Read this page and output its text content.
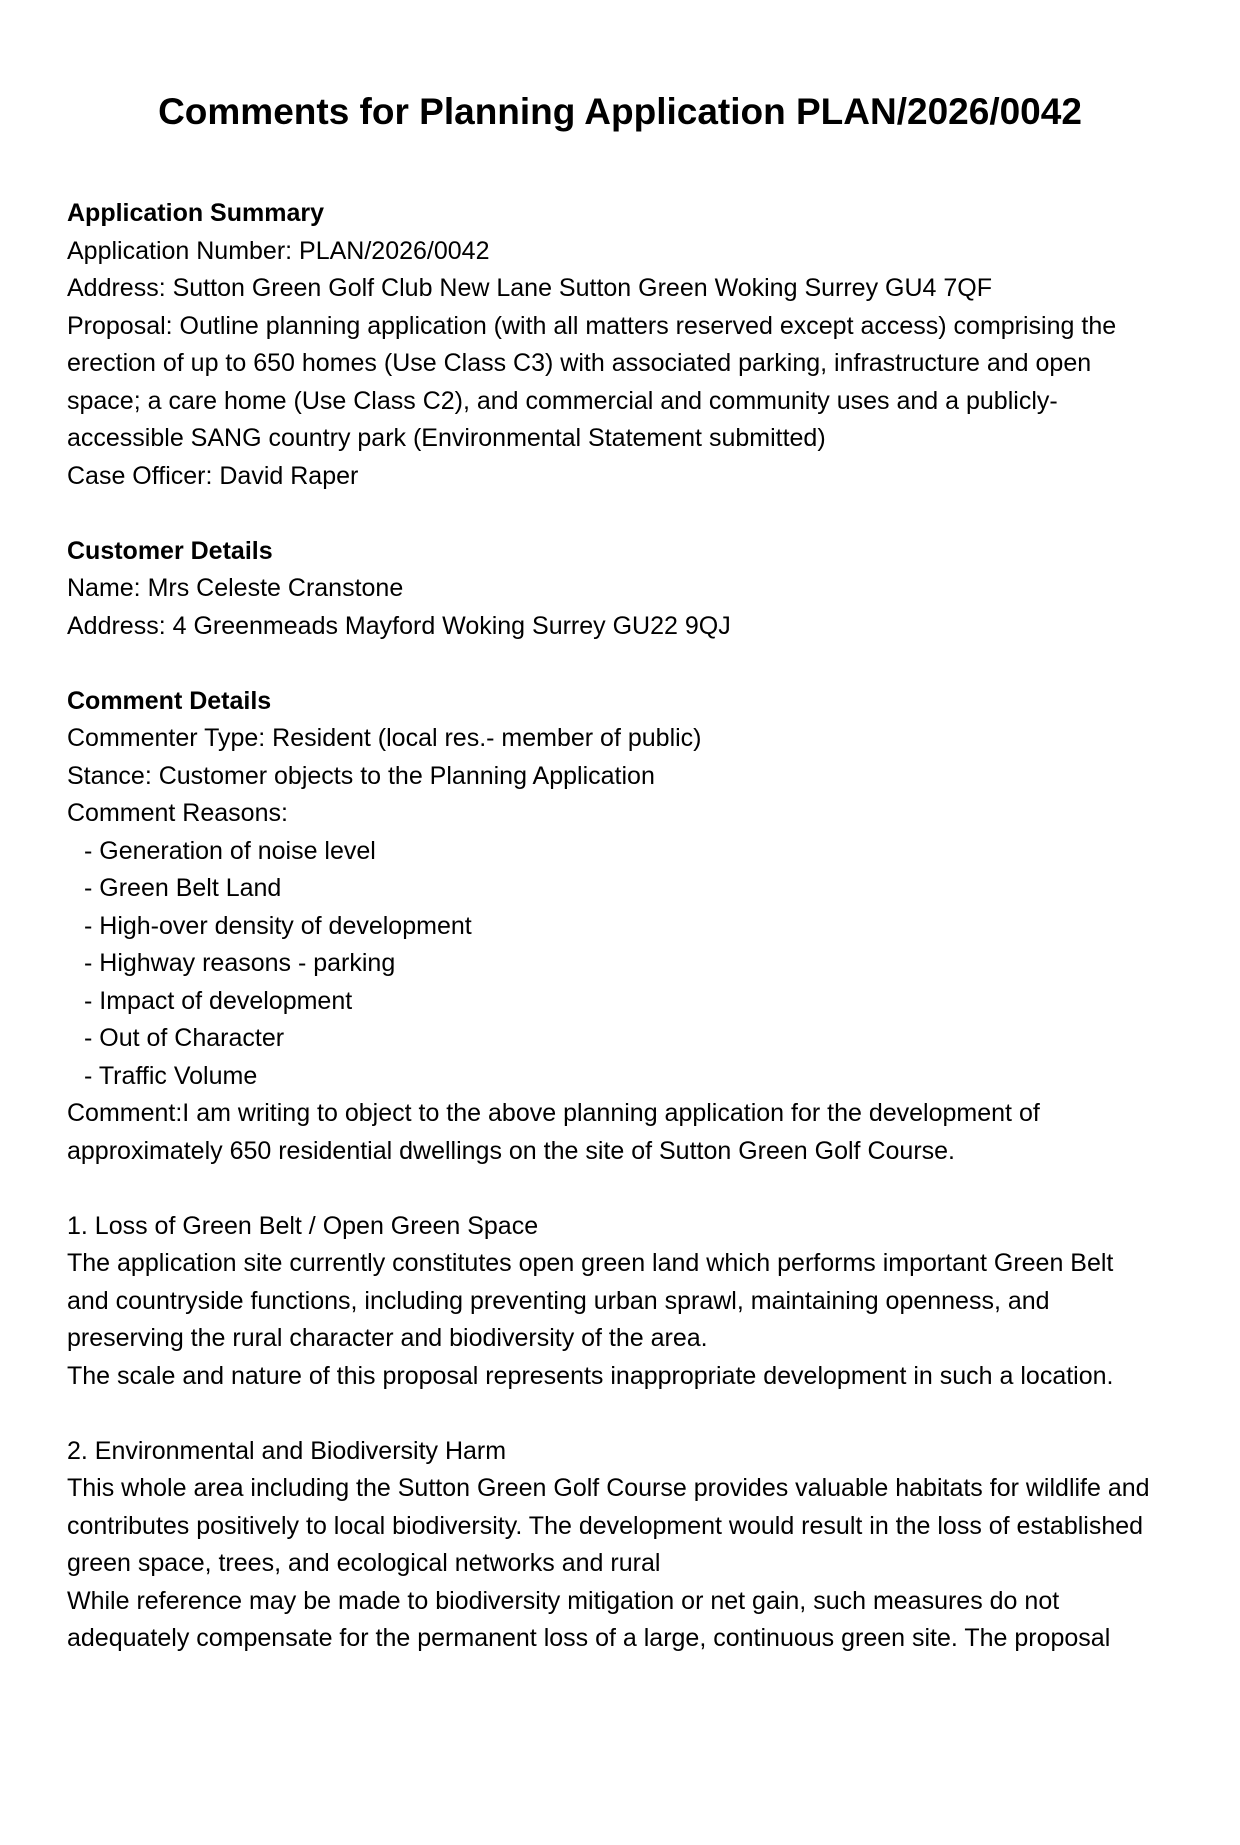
Comments for Planning Application PLAN/2026/0042
Application Summary
Application Number: PLAN/2026/0042
Address: Sutton Green Golf Club New Lane Sutton Green Woking Surrey GU4 7QF
Proposal: Outline planning application (with all matters reserved except access) comprising the
erection of up to 650 homes (Use Class C3) with associated parking, infrastructure and open
space; a care home (Use Class C2), and commercial and community uses and a publicly-
accessible SANG country park (Environmental Statement submitted)
Case Officer: David Raper
Customer Details
Name: Mrs Celeste Cranstone
Address: 4 Greenmeads Mayford Woking Surrey GU22 9QJ
Comment Details
Commenter Type: Resident (local res.- member of public)
Stance: Customer objects to the Planning Application
Comment Reasons:
- Generation of noise level
- Green Belt Land
- High-over density of development
- Highway reasons - parking
- Impact of development
- Out of Character
- Traffic Volume
Comment:I am writing to object to the above planning application for the development of
approximately 650 residential dwellings on the site of Sutton Green Golf Course.
1. Loss of Green Belt / Open Green Space
The application site currently constitutes open green land which performs important Green Belt
and countryside functions, including preventing urban sprawl, maintaining openness, and
preserving the rural character and biodiversity of the area.
The scale and nature of this proposal represents inappropriate development in such a location.
2. Environmental and Biodiversity Harm
This whole area including the Sutton Green Golf Course provides valuable habitats for wildlife and
contributes positively to local biodiversity. The development would result in the loss of established
green space, trees, and ecological networks and rural
While reference may be made to biodiversity mitigation or net gain, such measures do not
adequately compensate for the permanent loss of a large, continuous green site. The proposal
